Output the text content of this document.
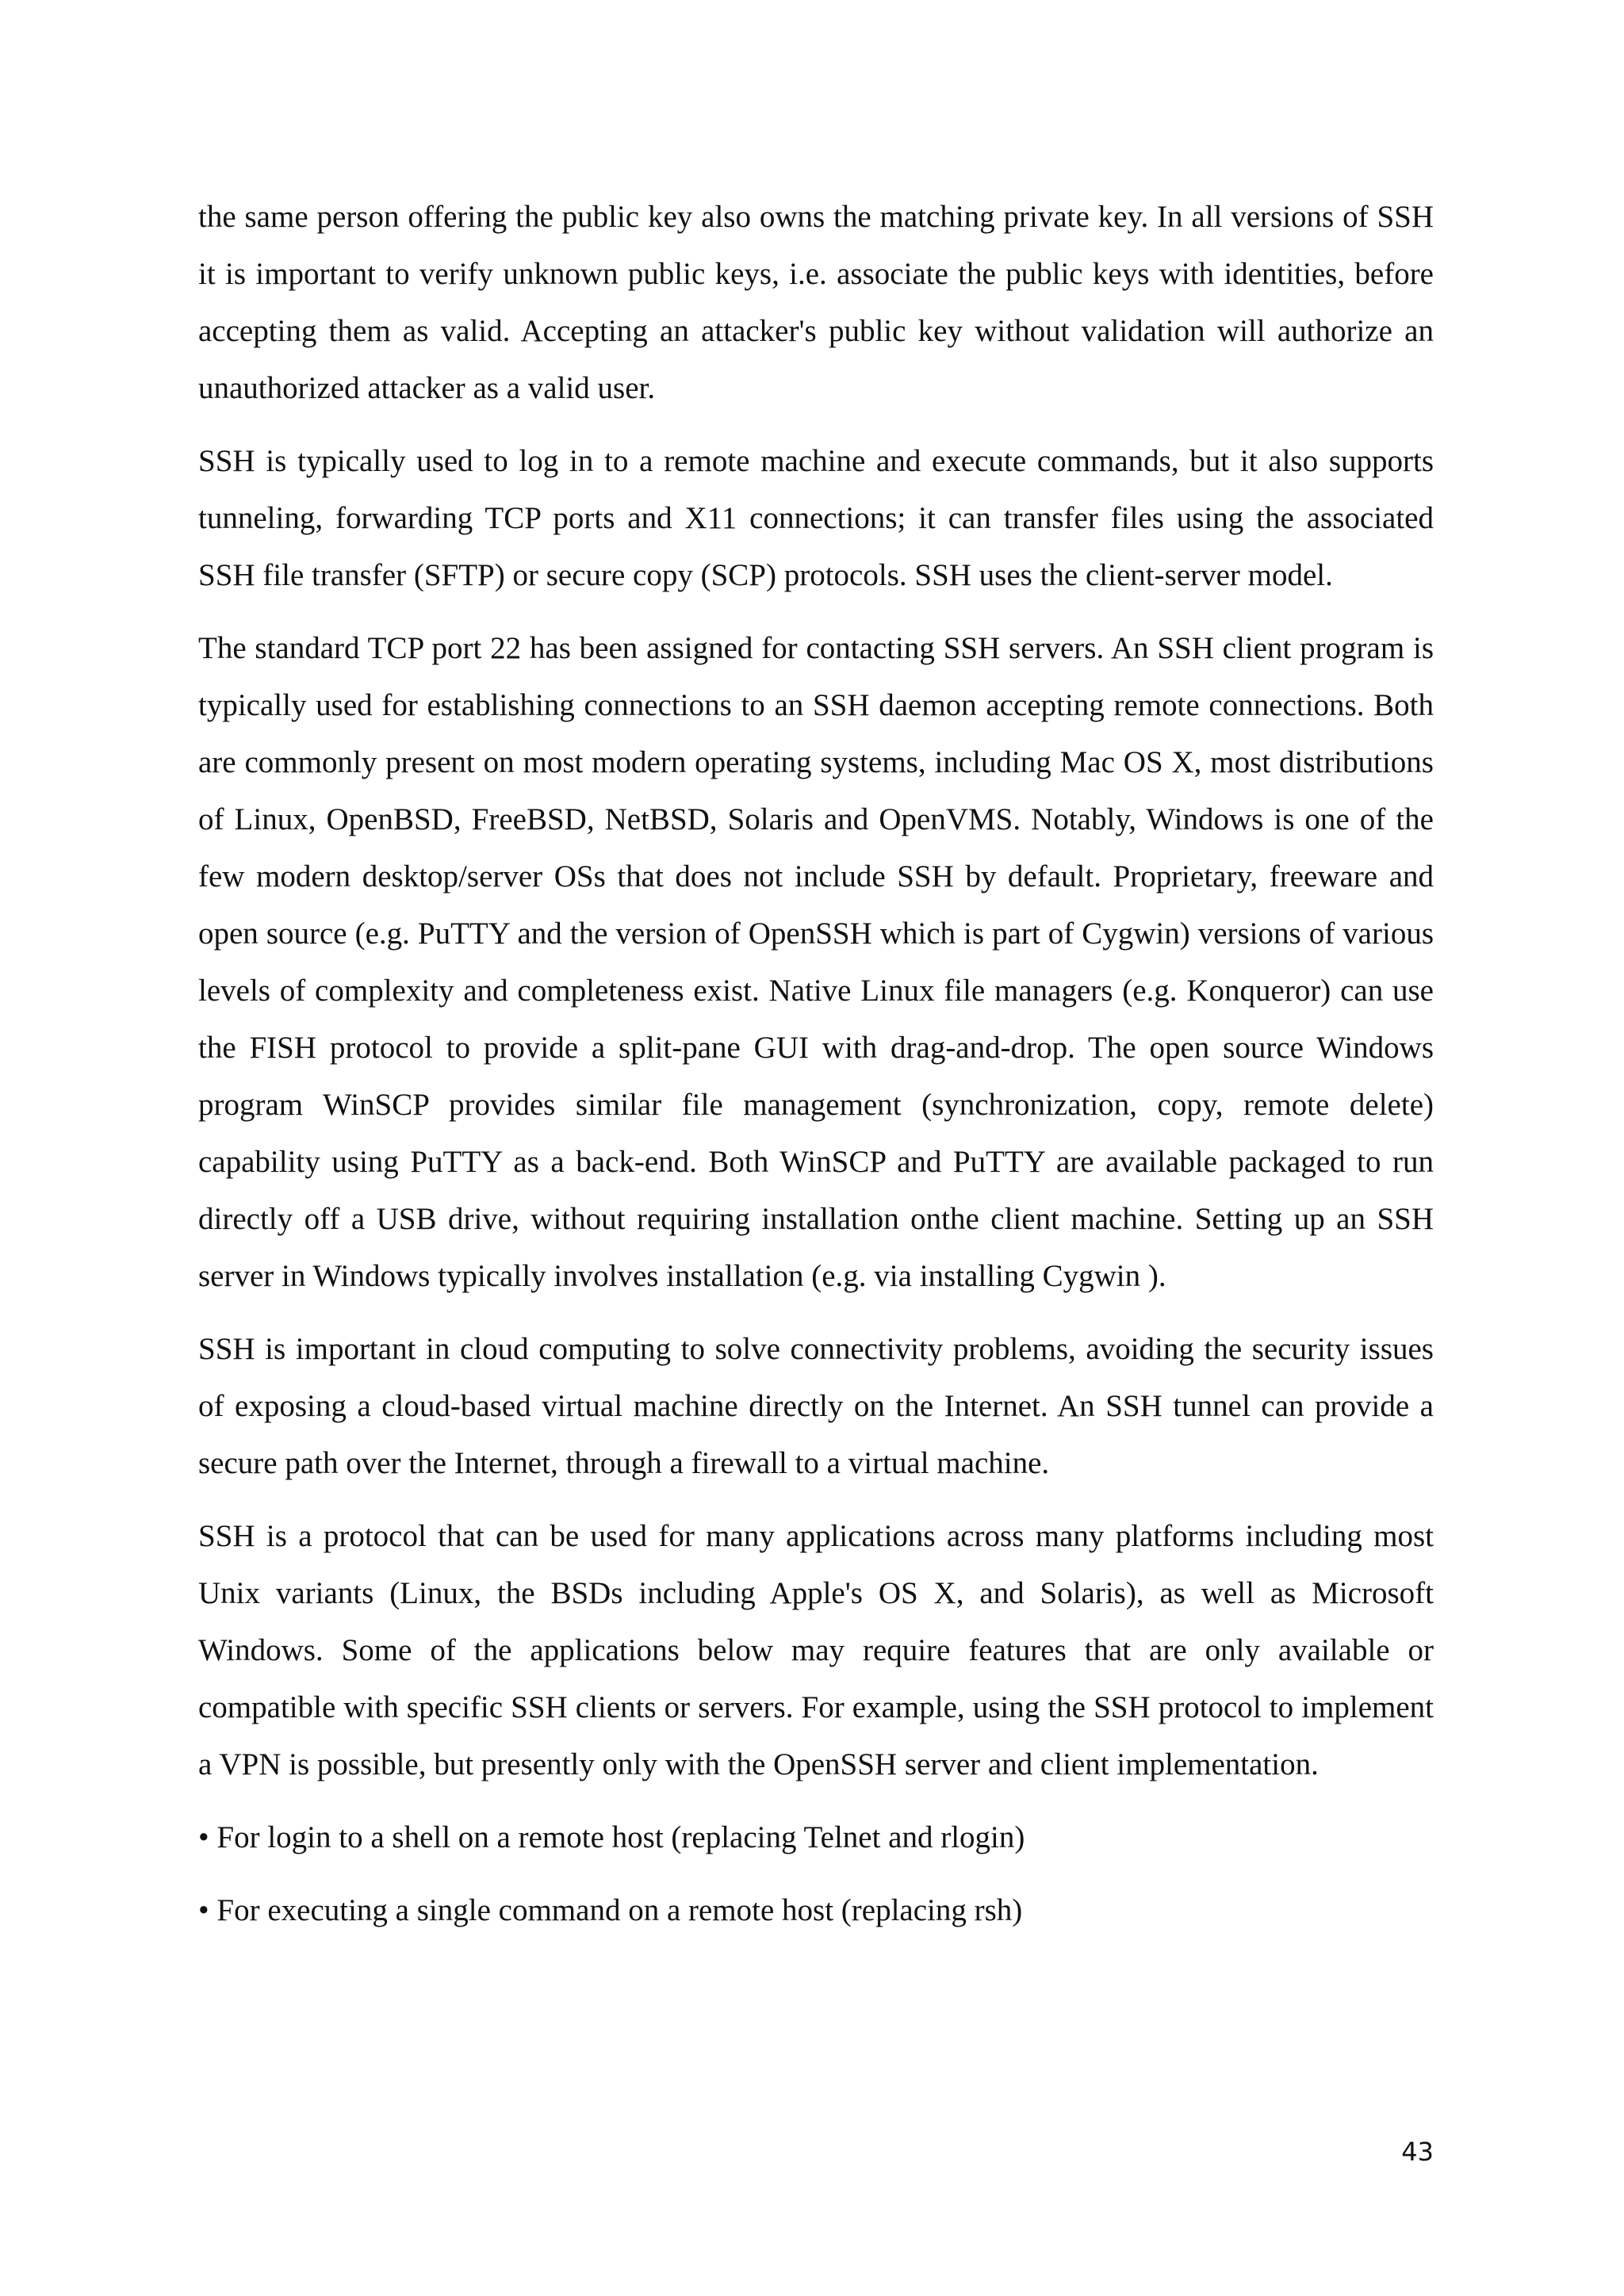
the same person offering the public key also owns the matching private key. In all versions of SSH it is important to verify unknown public keys, i.e. associate the public keys with identities, before accepting them as valid. Accepting an attacker's public key without validation will authorize an unauthorized attacker as a valid user.

SSH is typically used to log in to a remote machine and execute commands, but it also supports tunneling, forwarding TCP ports and X11 connections; it can transfer files using the associated SSH file transfer (SFTP) or secure copy (SCP) protocols. SSH uses the client-server model.

The standard TCP port 22 has been assigned for contacting SSH servers. An SSH client program is typically used for establishing connections to an SSH daemon accepting remote connections. Both are commonly present on most modern operating systems, including Mac OS X, most distributions of Linux, OpenBSD, FreeBSD, NetBSD, Solaris and OpenVMS. Notably, Windows is one of the few modern desktop/server OSs that does not include SSH by default. Proprietary, freeware and open source (e.g. PuTTY and the version of OpenSSH which is part of Cygwin) versions of various levels of complexity and completeness exist. Native Linux file managers (e.g. Konqueror) can use the FISH protocol to provide a split-pane GUI with drag-and-drop. The open source Windows program WinSCP provides similar file management (synchronization, copy, remote delete) capability using PuTTY as a back-end. Both WinSCP and PuTTY are available packaged to run directly off a USB drive, without requiring installation onthe client machine. Setting up an SSH server in Windows typically involves installation (e.g. via installing Cygwin ).

SSH is important in cloud computing to solve connectivity problems, avoiding the security issues of exposing a cloud-based virtual machine directly on the Internet. An SSH tunnel can provide a secure path over the Internet, through a firewall to a virtual machine.

SSH is a protocol that can be used for many applications across many platforms including most Unix variants (Linux, the BSDs including Apple's OS X, and Solaris), as well as Microsoft Windows. Some of the applications below may require features that are only available or compatible with specific SSH clients or servers. For example, using the SSH protocol to implement a VPN is possible, but presently only with the OpenSSH server and client implementation.

• For login to a shell on a remote host (replacing Telnet and rlogin)

• For executing a single command on a remote host (replacing rsh)

43
